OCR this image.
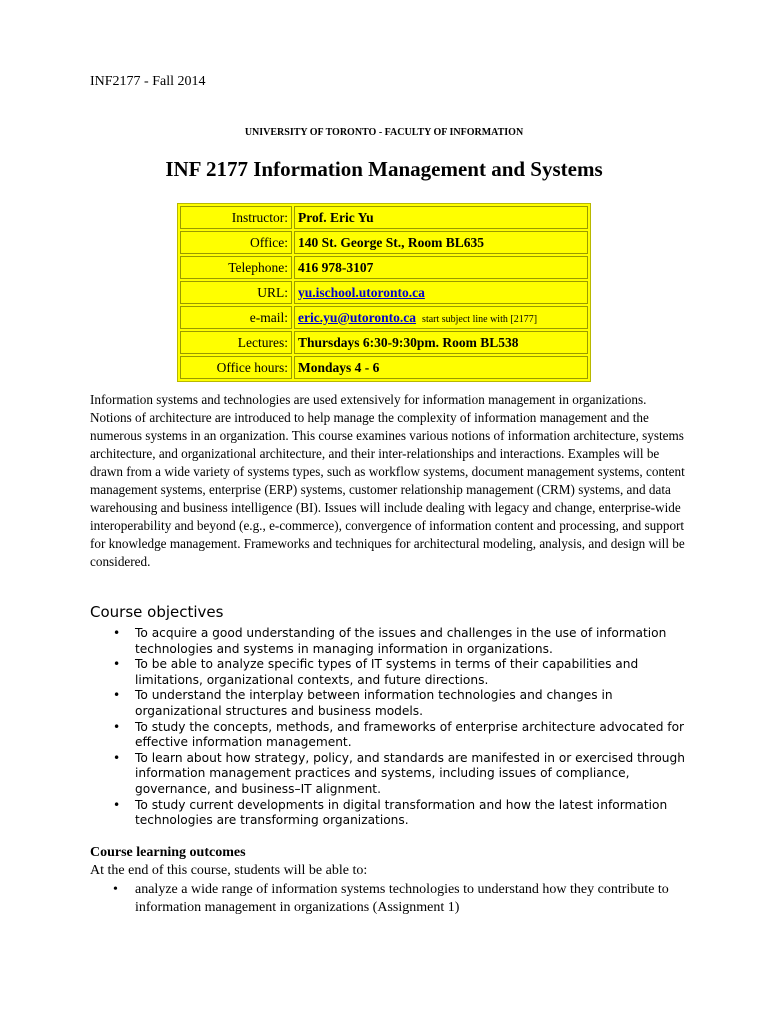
INF2177 - Fall 2014
UNIVERSITY OF TORONTO - FACULTY OF INFORMATION
INF 2177 Information Management and Systems
Instructor:	Prof. Eric Yu
Office:	140 St. George St., Room BL635
Telephone:	416 978-3107
URL:	yu.ischool.utoronto.ca
e-mail:	eric.yu@utoronto.ca start subject line with [2177]
Lectures:	Thursdays 6:30-9:30pm. Room BL538
Office hours:	Mondays 4 - 6

Information systems and technologies are used extensively for information management in organizations. Notions of architecture are introduced to help manage the complexity of information management and the numerous systems in an organization. This course examines various notions of information architecture, systems architecture, and organizational architecture, and their inter-relationships and interactions. Examples will be drawn from a wide variety of systems types, such as workflow systems, document management systems, content management systems, enterprise (ERP) systems, customer relationship management (CRM) systems, and data warehousing and business intelligence (BI). Issues will include dealing with legacy and change, enterprise-wide interoperability and beyond (e.g., e-commerce), convergence of information content and processing, and support for knowledge management. Frameworks and techniques for architectural modeling, analysis, and design will be considered.

Course objectives
• To acquire a good understanding of the issues and challenges in the use of information technologies and systems in managing information in organizations.
• To be able to analyze specific types of IT systems in terms of their capabilities and limitations, organizational contexts, and future directions.
• To understand the interplay between information technologies and changes in organizational structures and business models.
• To study the concepts, methods, and frameworks of enterprise architecture advocated for effective information management.
• To learn about how strategy, policy, and standards are manifested in or exercised through information management practices and systems, including issues of compliance, governance, and business–IT alignment.
• To study current developments in digital transformation and how the latest information technologies are transforming organizations.
Course learning outcomes

At the end of this course, students will be able to:

• analyze a wide range of information systems technologies to understand how they contribute to information management in organizations (Assignment 1)
